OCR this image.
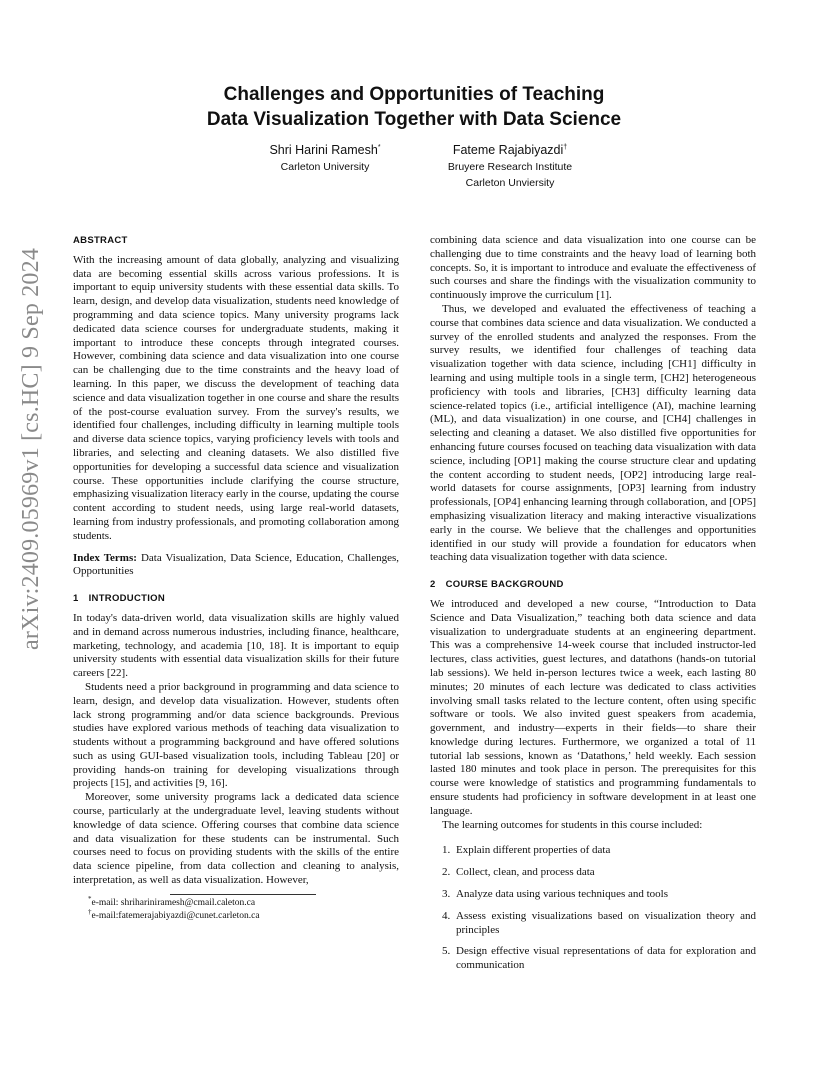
arXiv:2409.05969v1 [cs.HC] 9 Sep 2024
Challenges and Opportunities of Teaching
Data Visualization Together with Data Science
Shri Harini Ramesh*
Carleton University
Fateme Rajabiyazdi†
Bruyere Research Institute
Carleton Unviersity
ABSTRACT

With the increasing amount of data globally, analyzing and visualizing data are becoming essential skills across various professions. It is important to equip university students with these essential data skills. To learn, design, and develop data visualization, students need knowledge of programming and data science topics. Many university programs lack dedicated data science courses for undergraduate students, making it important to introduce these concepts through integrated courses. However, combining data science and data visualization into one course can be challenging due to the time constraints and the heavy load of learning. In this paper, we discuss the development of teaching data science and data visualization together in one course and share the results of the post-course evaluation survey. From the survey's results, we identified four challenges, including difficulty in learning multiple tools and diverse data science topics, varying proficiency levels with tools and libraries, and selecting and cleaning datasets. We also distilled five opportunities for developing a successful data science and visualization course. These opportunities include clarifying the course structure, emphasizing visualization literacy early in the course, updating the course content according to student needs, using large real-world datasets, learning from industry professionals, and promoting collaboration among students.

Index Terms: Data Visualization, Data Science, Education, Challenges, Opportunities

1 INTRODUCTION

In today's data-driven world, data visualization skills are highly valued and in demand across numerous industries, including finance, healthcare, marketing, technology, and academia [10, 18]. It is important to equip university students with essential data visualization skills for their future careers [22].

Students need a prior background in programming and data science to learn, design, and develop data visualization. However, students often lack strong programming and/or data science backgrounds. Previous studies have explored various methods of teaching data visualization to students without a programming background and have offered solutions such as using GUI-based visualization tools, including Tableau [20] or providing hands-on training for developing visualizations through projects [15], and activities [9, 16].

Moreover, some university programs lack a dedicated data science course, particularly at the undergraduate level, leaving students without knowledge of data science. Offering courses that combine data science and data visualization for these students can be instrumental. Such courses need to focus on providing students with the skills of the entire data science pipeline, from data collection and cleaning to analysis, interpretation, as well as data visualization. However,

*e-mail: shrihariniramesh@cmail.caleton.ca
†e-mail:fatemerajabiyazdi@cunet.carleton.ca

combining data science and data visualization into one course can be challenging due to time constraints and the heavy load of learning both concepts. So, it is important to introduce and evaluate the effectiveness of such courses and share the findings with the visualization community to continuously improve the curriculum [1].

Thus, we developed and evaluated the effectiveness of teaching a course that combines data science and data visualization. We conducted a survey of the enrolled students and analyzed the responses. From the survey results, we identified four challenges of teaching data visualization together with data science, including [CH1] difficulty in learning and using multiple tools in a single term, [CH2] heterogeneous proficiency with tools and libraries, [CH3] difficulty learning data science-related topics (i.e., artificial intelligence (AI), machine learning (ML), and data visualization) in one course, and [CH4] challenges in selecting and cleaning a dataset. We also distilled five opportunities for enhancing future courses focused on teaching data visualization with data science, including [OP1] making the course structure clear and updating the content according to student needs, [OP2] introducing large real-world datasets for course assignments, [OP3] learning from industry professionals, [OP4] enhancing learning through collaboration, and [OP5] emphasizing visualization literacy and making interactive visualizations early in the course. We believe that the challenges and opportunities identified in our study will provide a foundation for educators when teaching data visualization together with data science.

2 COURSE BACKGROUND

We introduced and developed a new course, “Introduction to Data Science and Data Visualization,” teaching both data science and data visualization to undergraduate students at an engineering department. This was a comprehensive 14-week course that included instructor-led lectures, class activities, guest lectures, and datathons (hands-on tutorial lab sessions). We held in-person lectures twice a week, each lasting 80 minutes; 20 minutes of each lecture was dedicated to class activities involving small tasks related to the lecture content, often using specific software or tools. We also invited guest speakers from academia, government, and industry—experts in their fields—to share their knowledge during lectures. Furthermore, we organized a total of 11 tutorial lab sessions, known as ‘Datathons,’ held weekly. Each session lasted 180 minutes and took place in person. The prerequisites for this course were knowledge of statistics and programming fundamentals to ensure students had proficiency in software development in at least one language.

The learning outcomes for students in this course included:

1. Explain different properties of data
2. Collect, clean, and process data
3. Analyze data using various techniques and tools
4. Assess existing visualizations based on visualization theory and principles
5. Design effective visual representations of data for exploration and communication
